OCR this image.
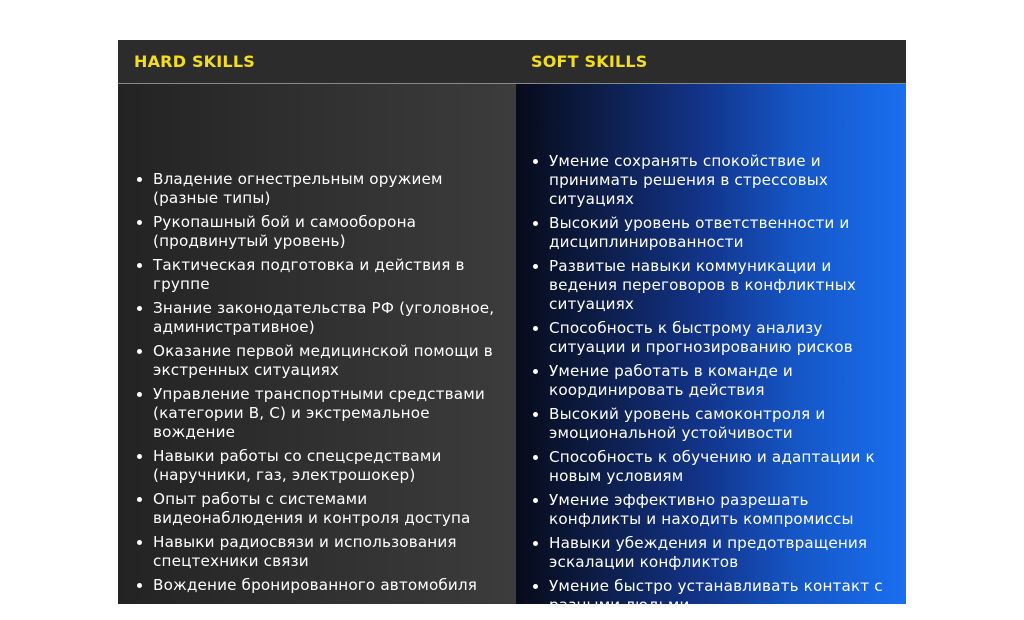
HARD SKILLS	SOFT SKILLS
Владение огнестрельным оружием (разные типы)
Рукопашный бой и самооборона (продвинутый уровень)
Тактическая подготовка и действия в группе
Знание законодательства РФ (уголовное, административное)
Оказание первой медицинской помощи в экстренных ситуациях
Управление транспортными средствами (категории B, C) и экстремальное вождение
Навыки работы со спецсредствами (наручники, газ, электрошокер)
Опыт работы с системами видеонаблюдения и контроля доступа
Навыки радиосвязи и использования спецтехники связи
Вождение бронированного автомобиля
Умение сохранять спокойствие и принимать решения в стрессовых ситуациях
Высокий уровень ответственности и дисциплинированности
Развитые навыки коммуникации и ведения переговоров в конфликтных ситуациях
Способность к быстрому анализу ситуации и прогнозированию рисков
Умение работать в команде и координировать действия
Высокий уровень самоконтроля и эмоциональной устойчивости
Способность к обучению и адаптации к новым условиям
Умение эффективно разрешать конфликты и находить компромиссы
Навыки убеждения и предотвращения эскалации конфликтов
Умение быстро устанавливать контакт с разными людьми
